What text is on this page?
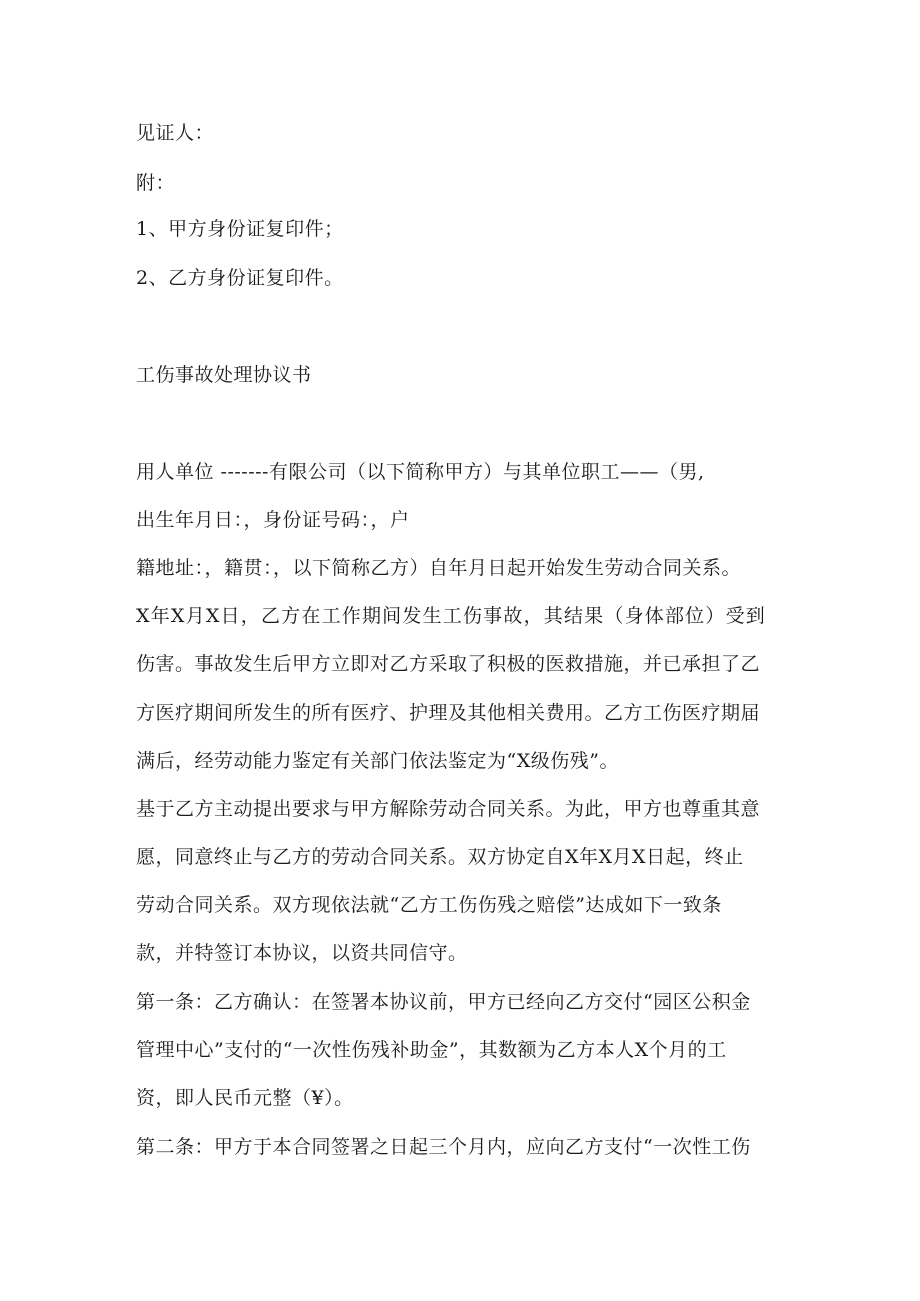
见证人：
附：
1、甲方身份证复印件；
2、乙方身份证复印件。
工伤事故处理协议书
用人单位 -------有限公司（以下简称甲方）与其单位职工——（男,
出生年月日：，身份证号码：，户
籍地址：，籍贯：，以下简称乙方）自年月日起开始发生劳动合同关系。
X年X月X日，乙方在工作期间发生工伤事故，其结果（身体部位）受到
伤害。事故发生后甲方立即对乙方采取了积极的医救措施，并已承担了乙
方医疗期间所发生的所有医疗、护理及其他相关费用。乙方工伤医疗期届
满后，经劳动能力鉴定有关部门依法鉴定为“X级伤残”。
基于乙方主动提出要求与甲方解除劳动合同关系。为此，甲方也尊重其意
愿，同意终止与乙方的劳动合同关系。双方协定自X年X月X日起，终止
劳动合同关系。双方现依法就“乙方工伤伤残之赔偿”达成如下一致条
款，并特签订本协议，以资共同信守。
第一条：乙方确认：在签署本协议前，甲方已经向乙方交付“园区公积金
管理中心”支付的“一次性伤残补助金”，其数额为乙方本人X个月的工
资，即人民币元整（¥）。
第二条：甲方于本合同签署之日起三个月内，应向乙方支付“一次性工伤
